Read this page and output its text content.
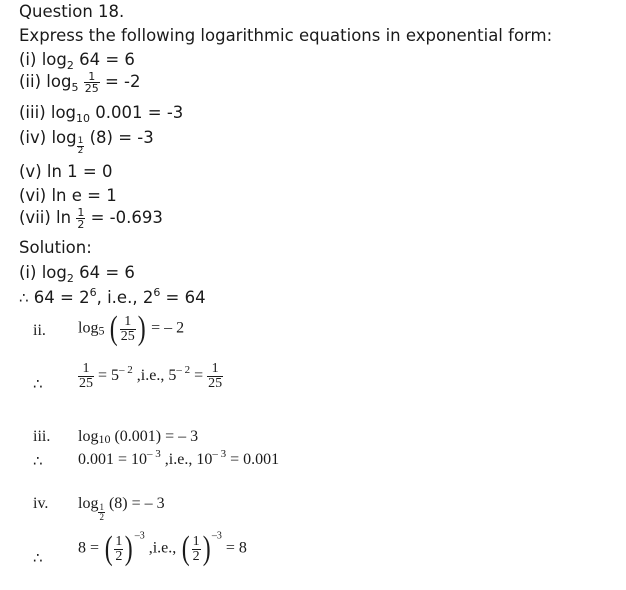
Question 18.
Express the following logarithmic equations in exponential form:
(i) $\log_2 64 = 6$
(ii) $\log_5 \frac{1}{25} = -2$
(iii) $\log_{10} 0.001 = -3$
(iv) $\log \frac{1}{2} (8) = -3$
(v) ln 1 = 0
(vi) ln e = 1
(vii) $\ln \frac{1}{2} = -0.693$
Solution:
(i) $\log_2 64 = 6$
∴ $64 = 2^6$, i.e., $2^6 = 64$
ii. $\log_5$ ( $\frac{1}{25}$ ) = – 2
∴	$\frac{1}{25} = 5^{- 2}$ ,i.e., $5^{- 2} = \frac{1}{25}$
iii. $\log_{10} (0.001)$ = – 3
∴ $0.001 = 10^{- 3}$ ,i.e., $10^{- 3} = 0.001$
iv. $\log \frac{1}{2} (8)$ = – 3
∴
8 = ( $\frac{1}{2}$ ) $^{-3}$ ,i.e., ( $\frac{1}{2}$ ) $^{-3}$ = 8
